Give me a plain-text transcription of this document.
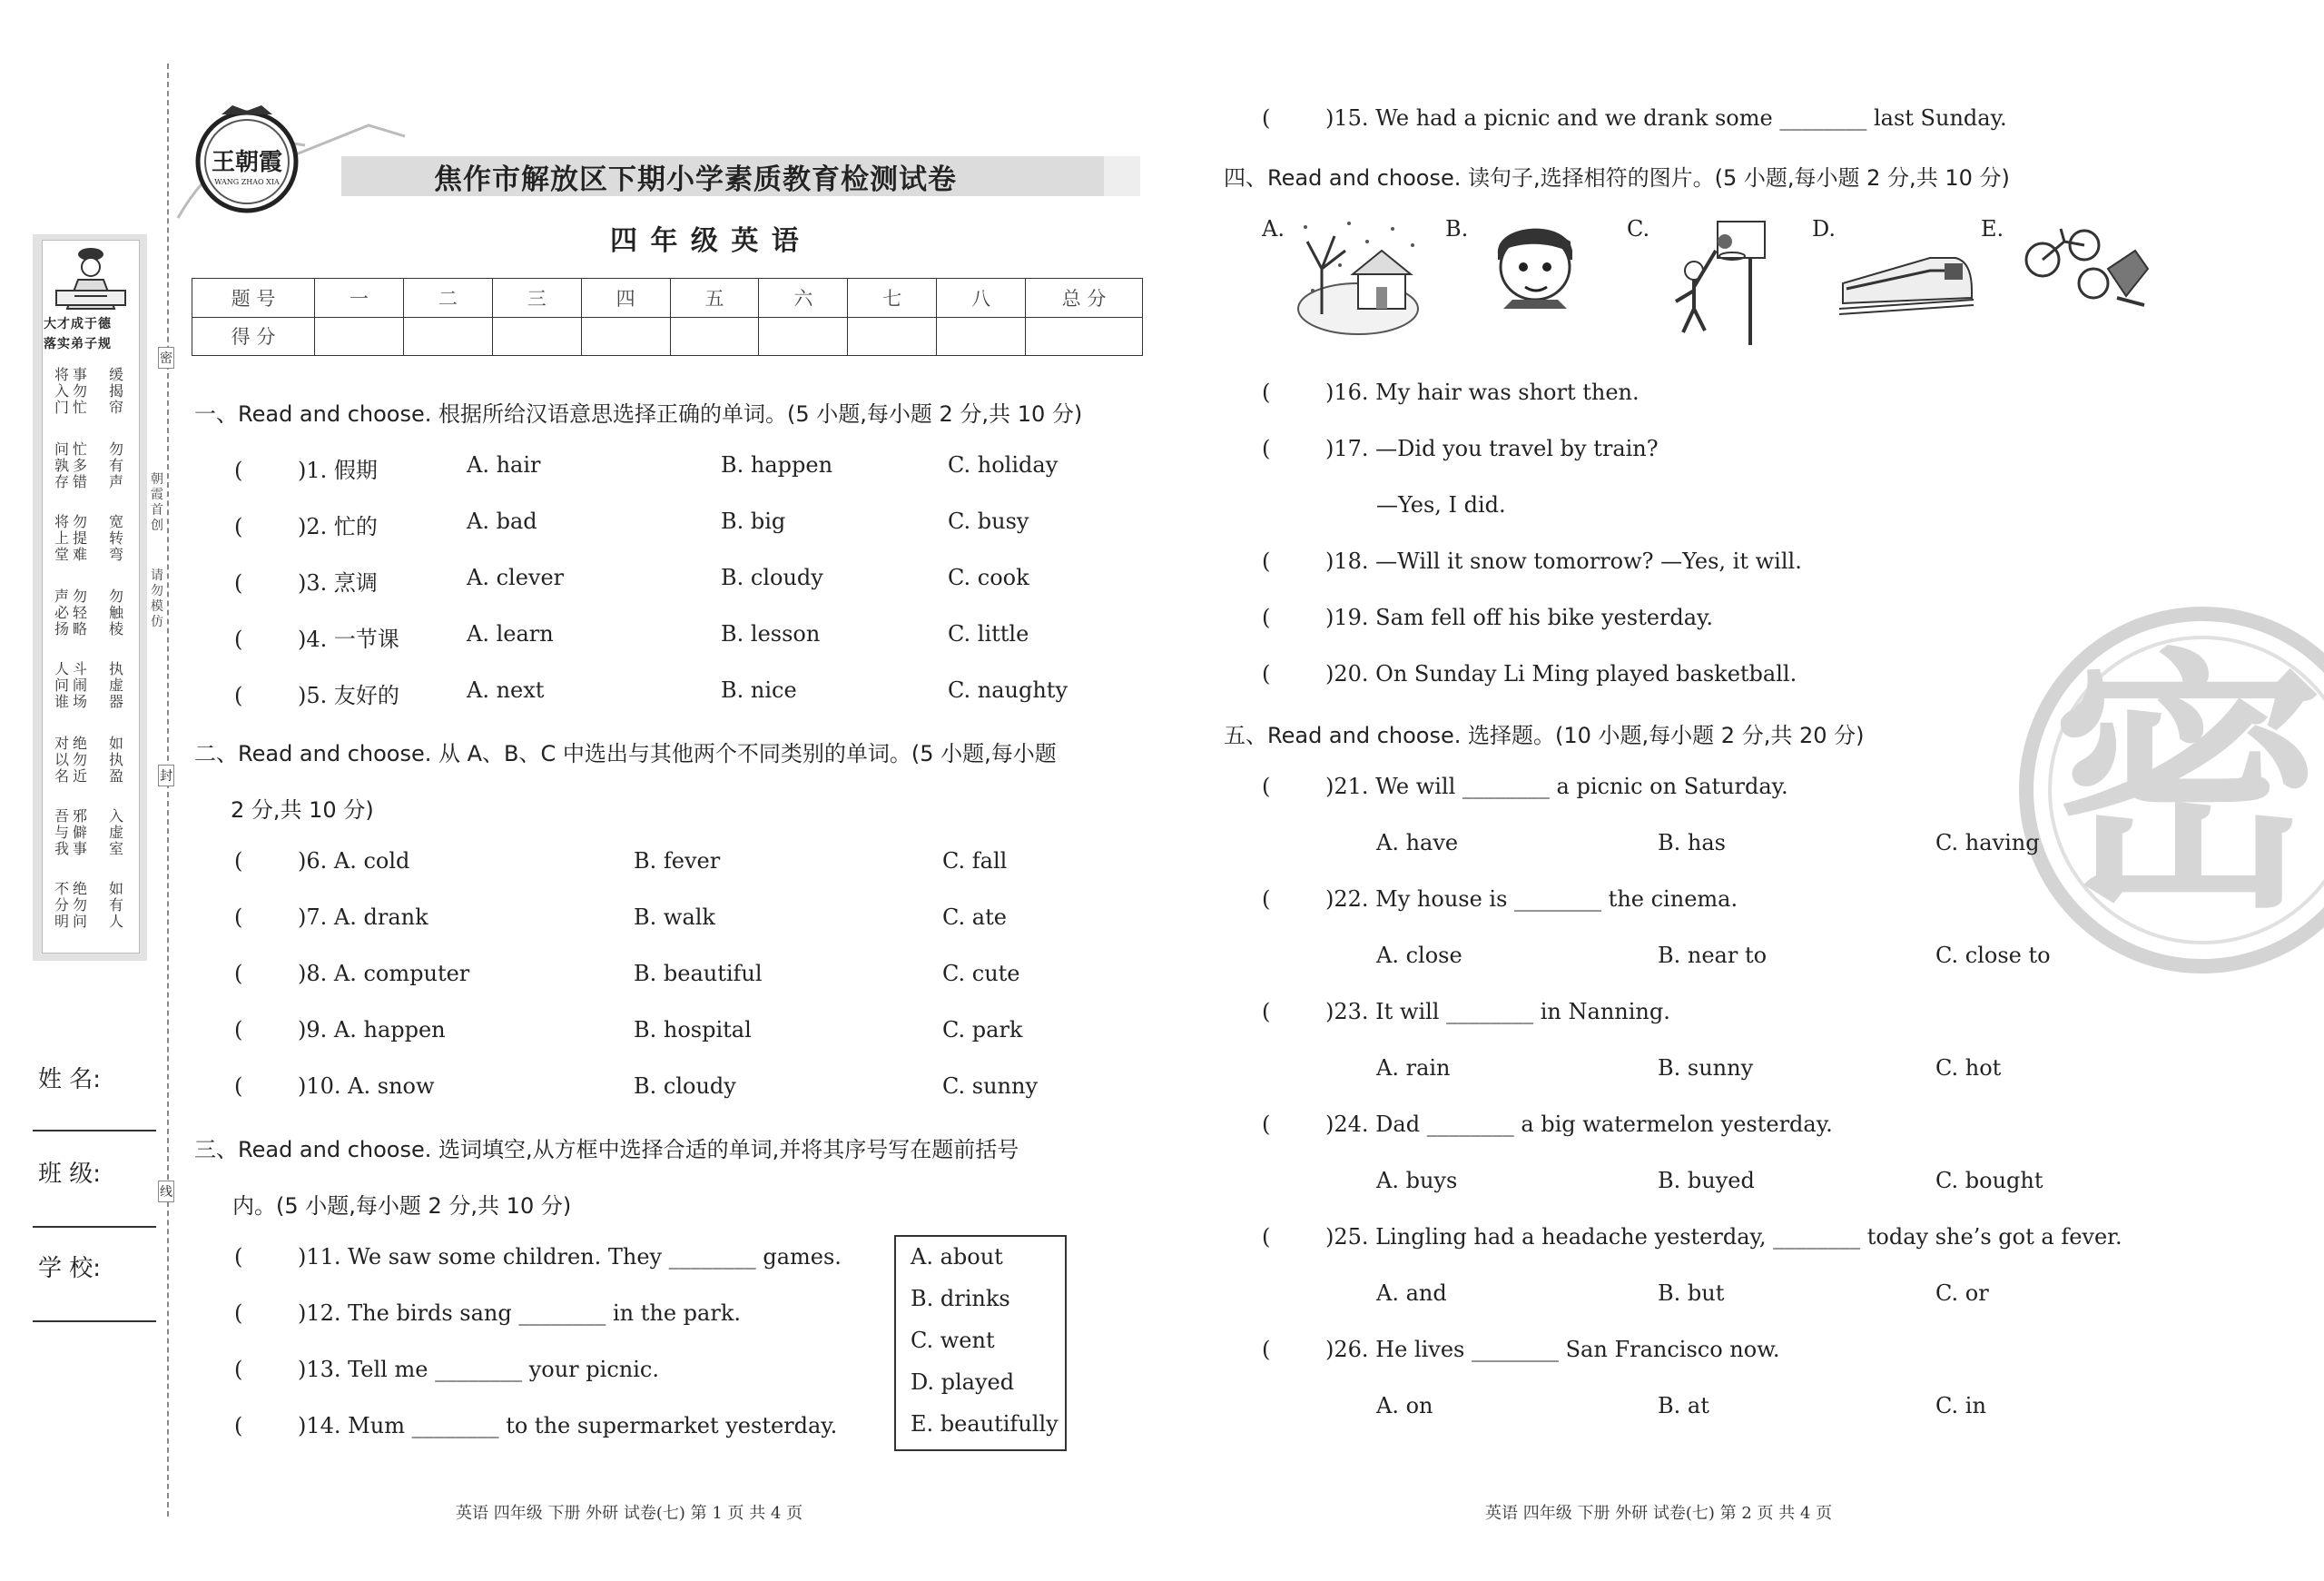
大才成于德
落实弟子规
将入门
事勿忙
缓揭帘
问孰存
忙多错
勿有声
将上堂
勿提难
宽转弯
声必扬
勿轻略
勿触棱
人问谁
斗闹场
执虚器
对以名
绝勿近
如执盈
吾与我
邪僻事
入虚室
不分明
绝勿问
如有人
密
封
线
朝霞首创
请勿模仿
姓 名:
班 级:
学 校:
王朝霞
WANG ZHAO XIA	焦作市解放区下期小学素质教育检测试卷
四 年 级 英 语
题 号	一	二	三	四	五	六	七	八	总 分
得 分									
一、Read and choose. 根据所给汉语意思选择正确的单词。(5 小题,每小题 2 分,共 10 分)
(	)1. 假期	A. hair	B. happen	C. holiday
(	)2. 忙的	A. bad	B. big	C. busy
(	)3. 烹调	A. clever	B. cloudy	C. cook
(	)4. 一节课	A. learn	B. lesson	C. little
(	)5. 友好的	A. next	B. nice	C. naughty
二、Read and choose. 从 A、B、C 中选出与其他两个不同类别的单词。(5 小题,每小题
2 分,共 10 分)
(	)6. A. cold	B. fever	C. fall
(	)7. A. drank	B. walk	C. ate
(	)8. A. computer	B. beautiful	C. cute
(	)9. A. happen	B. hospital	C. park
(	)10. A. snow	B. cloudy	C. sunny
三、Read and choose. 选词填空,从方框中选择合适的单词,并将其序号写在题前括号
内。(5 小题,每小题 2 分,共 10 分)
(	)11. We saw some children. They ________ games.
(	)12. The birds sang ________ in the park.
(	)13. Tell me ________ your picnic.
(	)14. Mum ________ to the supermarket yesterday.
A. about
B. drinks
C. went
D. played
E. beautifully
英语 四年级 下册 外研 试卷(七) 第 1 页 共 4 页
密
(	)15. We had a picnic and we drank some ________ last Sunday.
四、Read and choose. 读句子,选择相符的图片。(5 小题,每小题 2 分,共 10 分)
A.	B.	C.	D.	E.
(	)16. My hair was short then.
(	)17. —Did you travel by train?
—Yes, I did.
(	)18. —Will it snow tomorrow? —Yes, it will.
(	)19. Sam fell off his bike yesterday.
(	)20. On Sunday Li Ming played basketball.
五、Read and choose. 选择题。(10 小题,每小题 2 分,共 20 分)
(	)21. We will ________ a picnic on Saturday.
A. have	B. has	C. having
(	)22. My house is ________ the cinema.
A. close	B. near to	C. close to
(	)23. It will ________ in Nanning.
A. rain	B. sunny	C. hot
(	)24. Dad ________ a big watermelon yesterday.
A. buys	B. buyed	C. bought
(	)25. Lingling had a headache yesterday, ________ today she’s got a fever.
A. and	B. but	C. or
(	)26. He lives ________ San Francisco now.
A. on	B. at	C. in
英语 四年级 下册 外研 试卷(七) 第 2 页 共 4 页
